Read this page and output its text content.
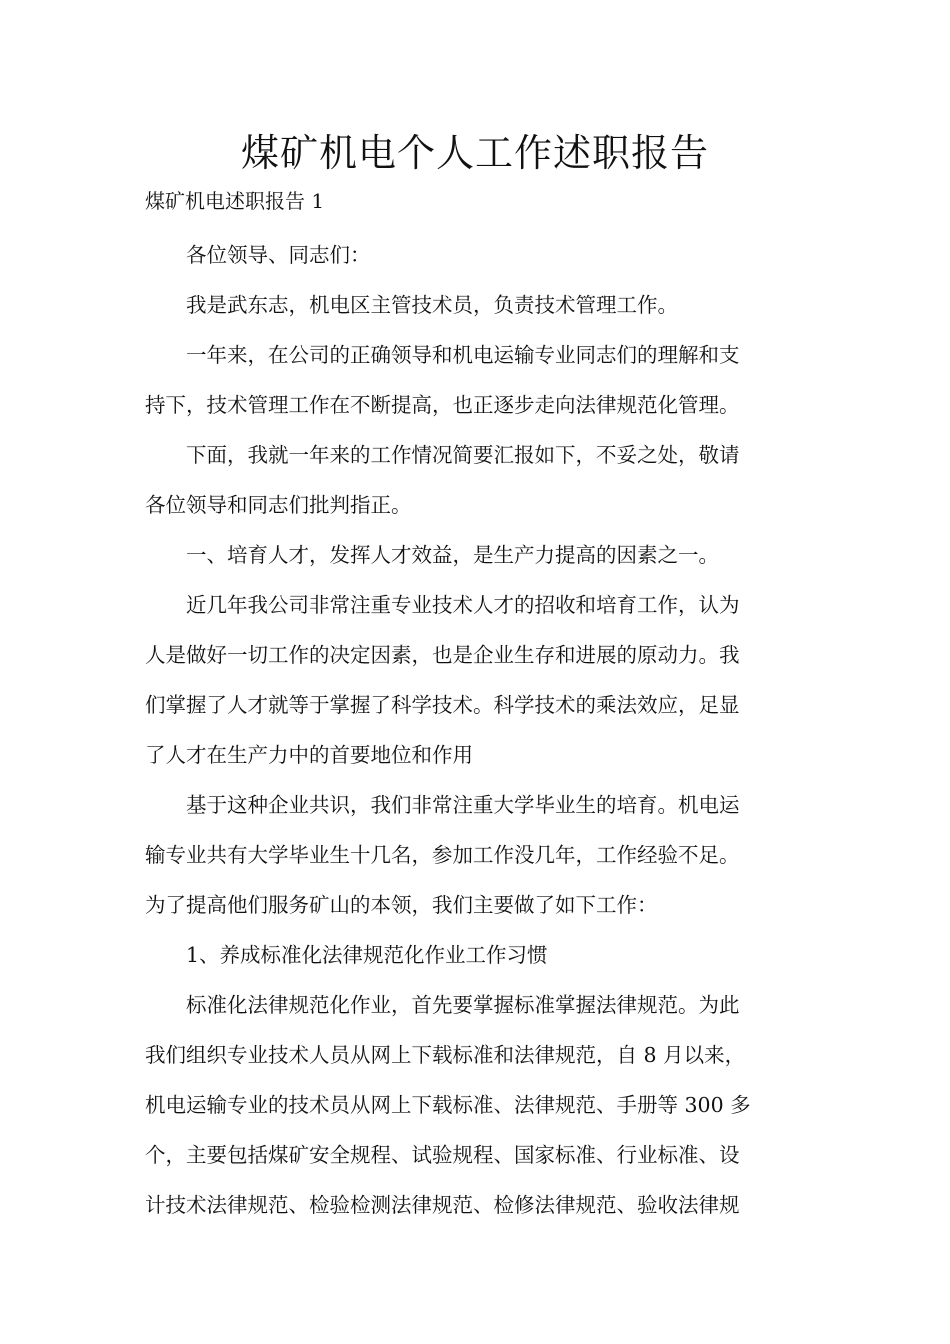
煤矿机电个人工作述职报告
煤矿机电述职报告 1

各位领导、同志们：

我是武东志，机电区主管技术员，负责技术管理工作。

一年来，在公司的正确领导和机电运输专业同志们的理解和支
持下，技术管理工作在不断提高，也正逐步走向法律规范化管理。

下面，我就一年来的工作情况简要汇报如下，不妥之处，敬请
各位领导和同志们批判指正。

一、培育人才，发挥人才效益，是生产力提高的因素之一。

近几年我公司非常注重专业技术人才的招收和培育工作，认为
人是做好一切工作的决定因素，也是企业生存和进展的原动力。我
们掌握了人才就等于掌握了科学技术。科学技术的乘法效应，足显
了人才在生产力中的首要地位和作用

基于这种企业共识，我们非常注重大学毕业生的培育。机电运
输专业共有大学毕业生十几名，参加工作没几年，工作经验不足。
为了提高他们服务矿山的本领，我们主要做了如下工作：

1、养成标准化法律规范化作业工作习惯

标准化法律规范化作业，首先要掌握标准掌握法律规范。为此
我们组织专业技术人员从网上下载标准和法律规范，自 8 月以来，
机电运输专业的技术员从网上下载标准、法律规范、手册等 300 多
个，主要包括煤矿安全规程、试验规程、国家标准、行业标准、设
计技术法律规范、检验检测法律规范、检修法律规范、验收法律规
